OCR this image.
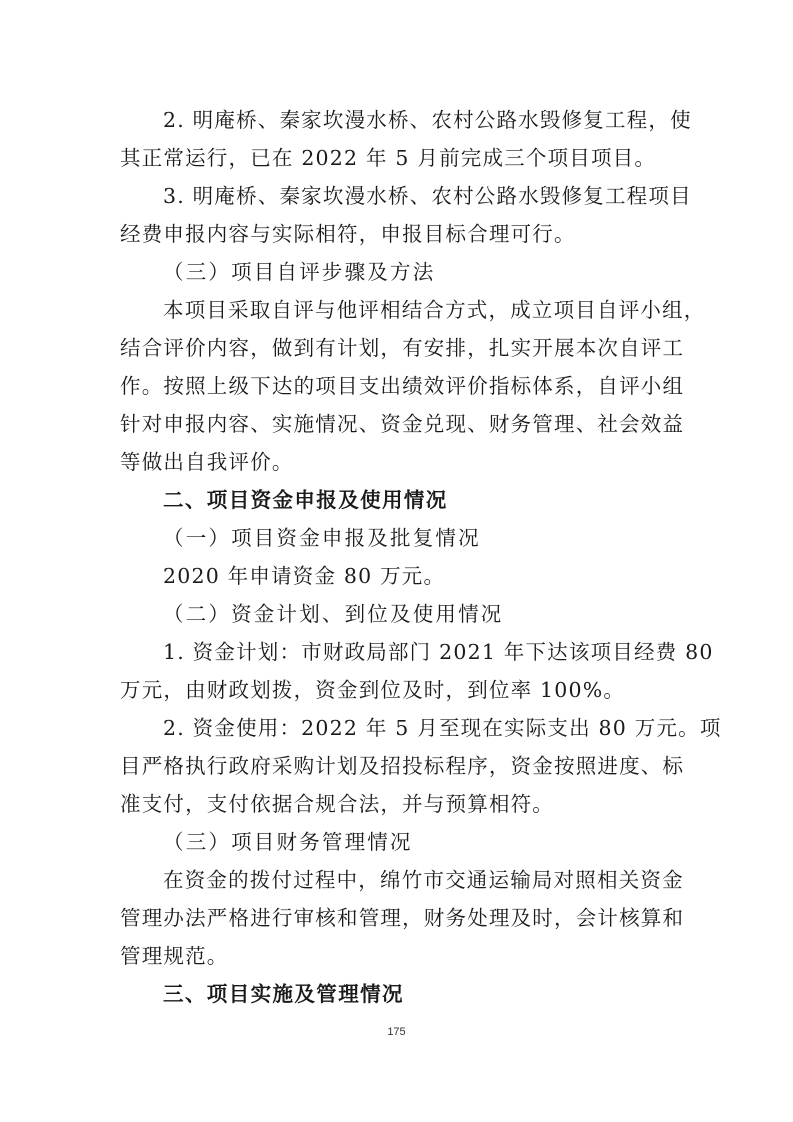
2. 明庵桥、秦家坎漫水桥、农村公路水毁修复工程，使
其正常运行，已在 2022 年 5 月前完成三个项目项目。
3. 明庵桥、秦家坎漫水桥、农村公路水毁修复工程项目
经费申报内容与实际相符，申报目标合理可行。
（三）项目自评步骤及方法
本项目采取自评与他评相结合方式，成立项目自评小组，
结合评价内容，做到有计划，有安排，扎实开展本次自评工
作。按照上级下达的项目支出绩效评价指标体系，自评小组
针对申报内容、实施情况、资金兑现、财务管理、社会效益
等做出自我评价。
二、项目资金申报及使用情况
（一）项目资金申报及批复情况
2020 年申请资金 80 万元。
（二）资金计划、到位及使用情况
1. 资金计划：市财政局部门 2021 年下达该项目经费 80
万元，由财政划拨，资金到位及时，到位率 100%。
2. 资金使用：2022 年 5 月至现在实际支出 80 万元。项
目严格执行政府采购计划及招投标程序，资金按照进度、标
准支付，支付依据合规合法，并与预算相符。
（三）项目财务管理情况
在资金的拨付过程中，绵竹市交通运输局对照相关资金
管理办法严格进行审核和管理，财务处理及时，会计核算和
管理规范。
三、项目实施及管理情况
175
